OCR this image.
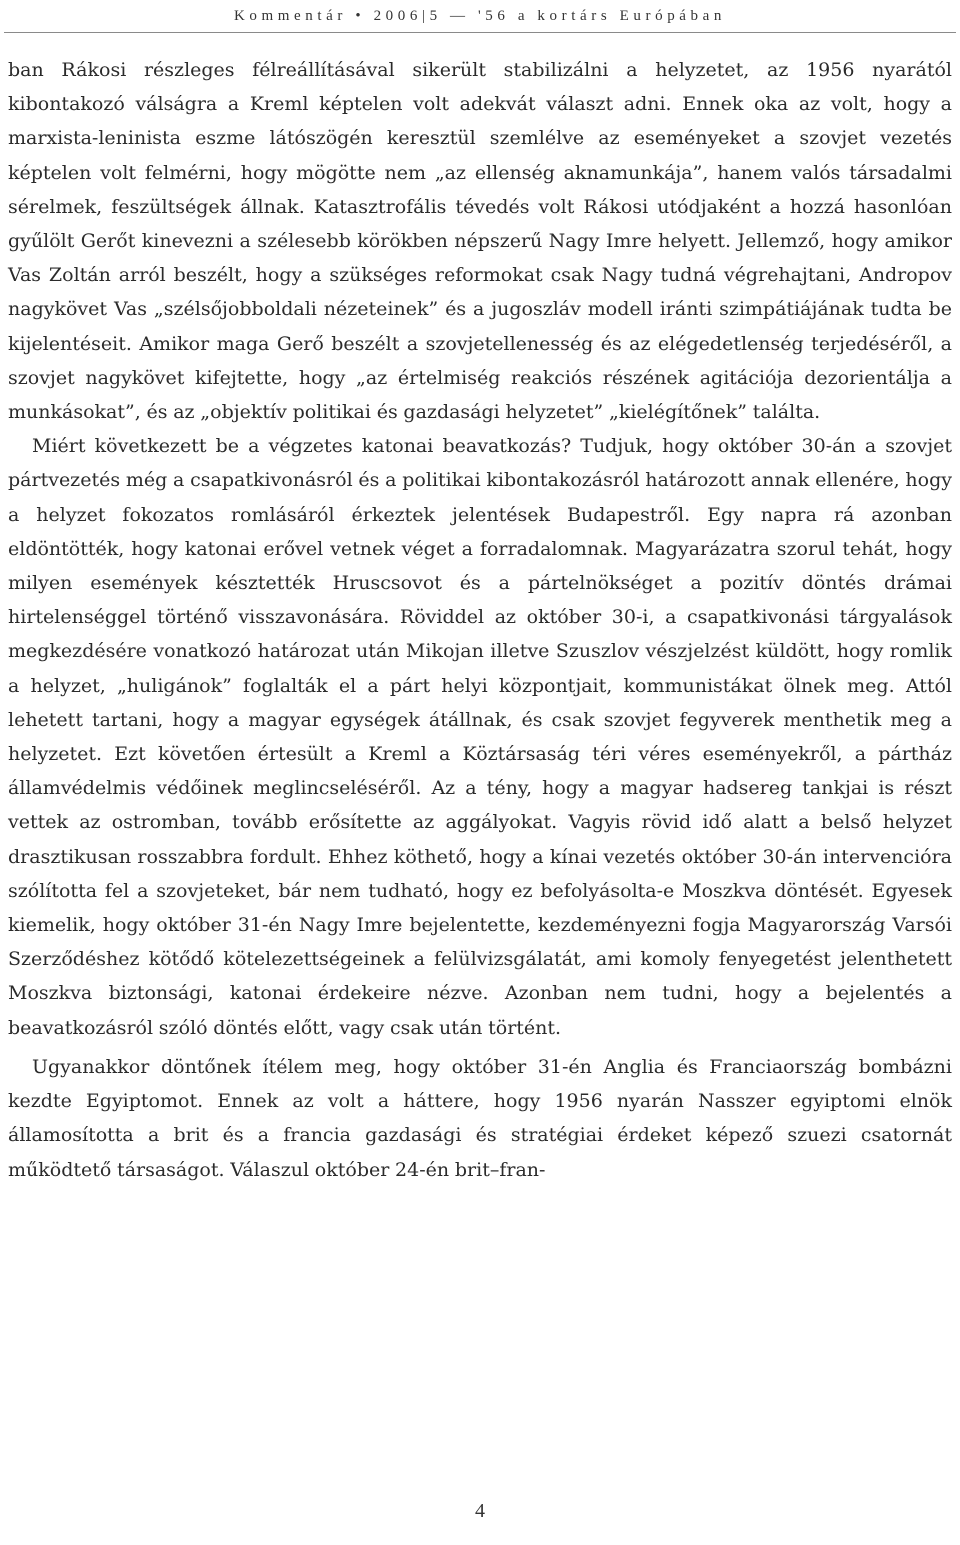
Kommentár • 2006|5 — '56 a kortárs Európában

ban Rákosi részleges félreállításával sikerült stabilizálni a helyzetet, az 1956 nyarától kibontakozó válságra a Kreml képtelen volt adekvát választ adni. Ennek oka az volt, hogy a marxista-leninista eszme látószögén keresztül szemlélve az eseményeket a szovjet vezetés képtelen volt felmérni, hogy mögötte nem „az ellenség aknamunkája”, hanem valós társadalmi sérelmek, feszültségek állnak. Katasztrofális tévedés volt Rákosi utódjaként a hozzá hasonlóan gyűlölt Gerőt kinevezni a szélesebb körökben népszerű Nagy Imre helyett. Jellemző, hogy amikor Vas Zoltán arról beszélt, hogy a szükséges reformokat csak Nagy tudná végrehajtani, Andropov nagykövet Vas „szélsőjobboldali nézeteinek” és a jugoszláv modell iránti szimpátiájának tudta be kijelentéseit. Amikor maga Gerő beszélt a szovjetellenesség és az elégedetlenség terjedéséről, a szovjet nagykövet kifejtette, hogy „az értelmiség reakciós részének agitációja dezorientálja a munkásokat”, és az „objektív politikai és gazdasági helyzetet” „kielégítőnek” találta.

Miért következett be a végzetes katonai beavatkozás? Tudjuk, hogy október 30-án a szovjet pártvezetés még a csapatkivonásról és a politikai kibontakozásról határozott annak ellenére, hogy a helyzet fokozatos romlásáról érkeztek jelentések Budapestről. Egy napra rá azonban eldöntötték, hogy katonai erővel vetnek véget a forradalomnak. Magyarázatra szorul tehát, hogy milyen események késztették Hruscsovot és a pártelnökséget a pozitív döntés drámai hirtelenséggel történő visszavonására. Röviddel az október 30-i, a csapatkivonási tárgyalások megkezdésére vonatkozó határozat után Mikojan illetve Szuszlov vészjelzést küldött, hogy romlik a helyzet, „huligánok” foglalták el a párt helyi központjait, kommunistákat ölnek meg. Attól lehetett tartani, hogy a magyar egységek átállnak, és csak szovjet fegyverek menthetik meg a helyzetet. Ezt követően értesült a Kreml a Köztársaság téri véres eseményekről, a pártház államvédelmis védőinek meglincseléséről. Az a tény, hogy a magyar hadsereg tankjai is részt vettek az ostromban, tovább erősítette az aggályokat. Vagyis rövid idő alatt a belső helyzet drasztikusan rosszabbra fordult. Ehhez köthető, hogy a kínai vezetés október 30-án intervencióra szólította fel a szovjeteket, bár nem tudható, hogy ez befolyásolta-e Moszkva döntését. Egyesek kiemelik, hogy október 31-én Nagy Imre bejelentette, kezdeményezni fogja Magyarország Varsói Szerződéshez kötődő kötelezettségeinek a felülvizsgálatát, ami komoly fenyegetést jelenthetett Moszkva biztonsági, katonai érdekeire nézve. Azonban nem tudni, hogy a bejelentés a beavatkozásról szóló döntés előtt, vagy csak után történt.

Ugyanakkor döntőnek ítélem meg, hogy október 31-én Anglia és Franciaország bombázni kezdte Egyiptomot. Ennek az volt a háttere, hogy 1956 nyarán Nasszer egyiptomi elnök államosította a brit és a francia gazdasági és stratégiai érdeket képező szuezi csatornát működtető társaságot. Válaszul október 24-én brit–fran-

4
